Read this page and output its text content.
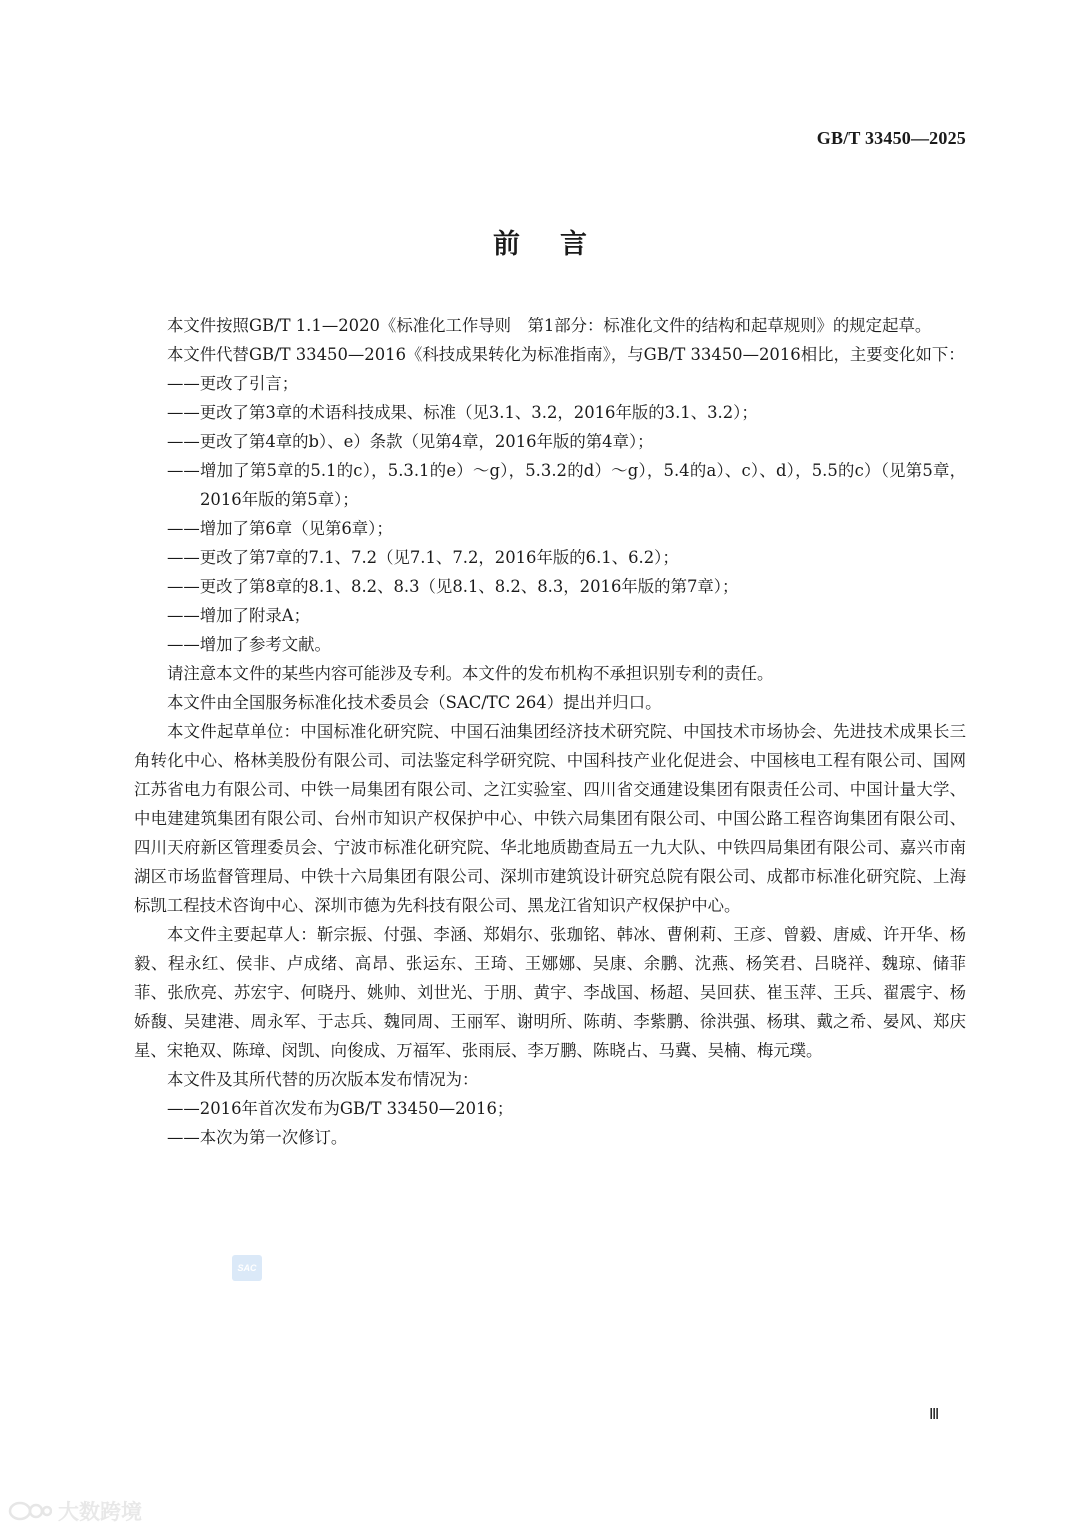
GB/T 33450—2025
前言

本文件按照GB/T 1.1—2020《标准化工作导则　第1部分：标准化文件的结构和起草规则》的规定起草。

本文件代替GB/T 33450—2016《科技成果转化为标准指南》，与GB/T 33450—2016相比，主要变化如下：

——更改了引言；

——更改了第3章的术语科技成果、标准（见3.1、3.2，2016年版的3.1、3.2）；

——更改了第4章的b）、e）条款（见第4章，2016年版的第4章）；

——增加了第5章的5.1的c），5.3.1的e）～g），5.3.2的d）～g），5.4的a）、c）、d），5.5的c）（见第5章，2016年版的第5章）；

——增加了第6章（见第6章）；

——更改了第7章的7.1、7.2（见7.1、7.2，2016年版的6.1、6.2）；

——更改了第8章的8.1、8.2、8.3（见8.1、8.2、8.3，2016年版的第7章）；

——增加了附录A；

——增加了参考文献。

请注意本文件的某些内容可能涉及专利。本文件的发布机构不承担识别专利的责任。

本文件由全国服务标准化技术委员会（SAC/TC 264）提出并归口。

本文件起草单位：中国标准化研究院、中国石油集团经济技术研究院、中国技术市场协会、先进技术成果长三角转化中心、格林美股份有限公司、司法鉴定科学研究院、中国科技产业化促进会、中国核电工程有限公司、国网江苏省电力有限公司、中铁一局集团有限公司、之江实验室、四川省交通建设集团有限责任公司、中国计量大学、中电建建筑集团有限公司、台州市知识产权保护中心、中铁六局集团有限公司、中国公路工程咨询集团有限公司、四川天府新区管理委员会、宁波市标准化研究院、华北地质勘查局五一九大队、中铁四局集团有限公司、嘉兴市南湖区市场监督管理局、中铁十六局集团有限公司、深圳市建筑设计研究总院有限公司、成都市标准化研究院、上海标凯工程技术咨询中心、深圳市德为先科技有限公司、黑龙江省知识产权保护中心。

本文件主要起草人：靳宗振、付强、李涵、郑娟尔、张珈铭、韩冰、曹俐莉、王彦、曾毅、唐威、许开华、杨毅、程永红、侯非、卢成绪、高昂、张运东、王琦、王娜娜、吴康、余鹏、沈燕、杨笑君、吕晓祥、魏琼、储菲菲、张欣亮、苏宏宇、何晓丹、姚帅、刘世光、于朋、黄宇、李战国、杨超、吴回获、崔玉萍、王兵、翟震宇、杨娇馥、吴建港、周永军、于志兵、魏同周、王丽军、谢明所、陈萌、李紫鹏、徐洪强、杨琪、戴之希、晏风、郑庆星、宋艳双、陈璋、闵凯、向俊成、万福军、张雨辰、李万鹏、陈晓占、马冀、吴楠、梅元璞。

本文件及其所代替的历次版本发布情况为：

——2016年首次发布为GB/T 33450—2016；

——本次为第一次修订。

SAC
Ⅲ
大数跨境
